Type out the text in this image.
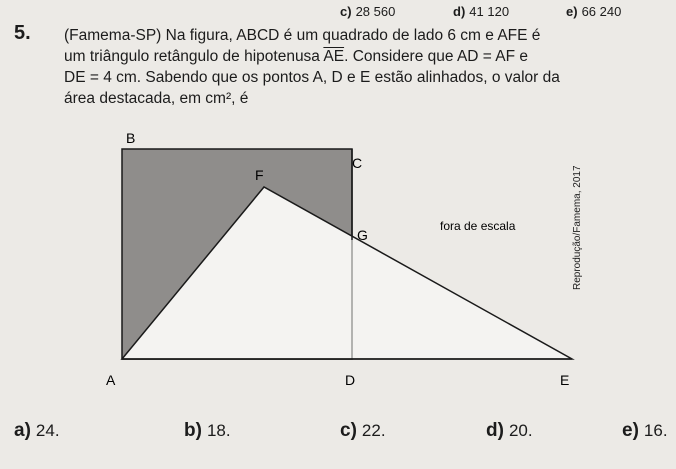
c) 28 560	d) 41 120	e) 66 240
5. (Famema-SP) Na figura, ABCD é um quadrado de lado 6 cm e AFE é
um triângulo retângulo de hipotenusa $\overline{AE}$. Considere que AD = AF e
DE = 4 cm. Sabendo que os pontos A, D e E estão alinhados, o valor da
área destacada, em cm², é
B
C
F
G
A	D	E
fora de escala	Reprodução/Famema, 2017
a) 24.	b) 18.	c) 22.	d) 20.	e) 16.
